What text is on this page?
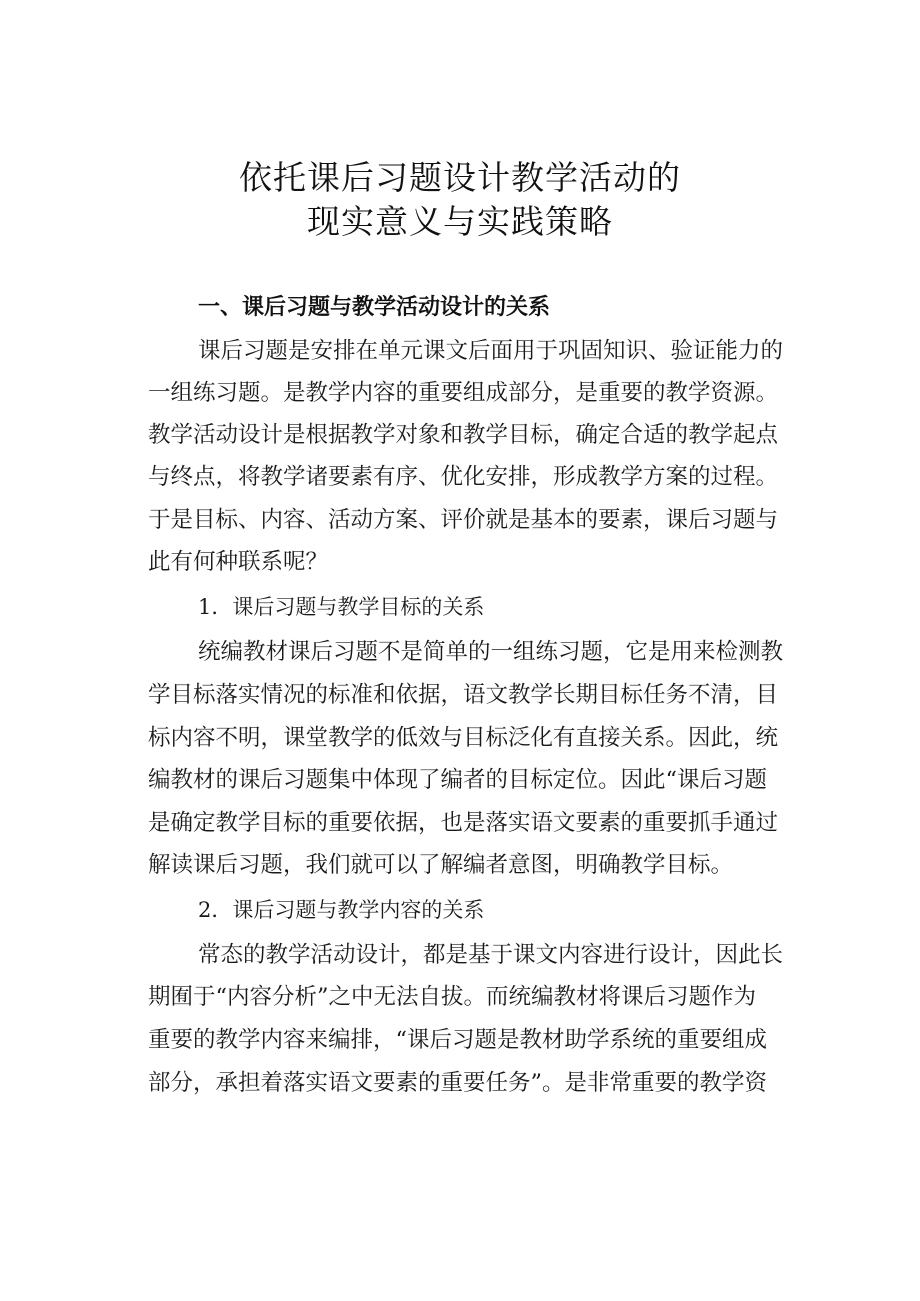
依托课后习题设计教学活动的
现实意义与实践策略
一、课后习题与教学活动设计的关系

课后习题是安排在单元课文后面用于巩固知识、验证能力的

一组练习题。是教学内容的重要组成部分，是重要的教学资源。

教学活动设计是根据教学对象和教学目标，确定合适的教学起点

与终点，将教学诸要素有序、优化安排，形成教学方案的过程。

于是目标、内容、活动方案、评价就是基本的要素，课后习题与

此有何种联系呢？

1．课后习题与教学目标的关系

统编教材课后习题不是简单的一组练习题，它是用来检测教

学目标落实情况的标准和依据，语文教学长期目标任务不清，目

标内容不明，课堂教学的低效与目标泛化有直接关系。因此，统

编教材的课后习题集中体现了编者的目标定位。因此“课后习题

是确定教学目标的重要依据，也是落实语文要素的重要抓手通过

解读课后习题，我们就可以了解编者意图，明确教学目标。

2．课后习题与教学内容的关系

常态的教学活动设计，都是基于课文内容进行设计，因此长

期囿于“内容分析”之中无法自拔。而统编教材将课后习题作为

重要的教学内容来编排，“课后习题是教材助学系统的重要组成

部分，承担着落实语文要素的重要任务”。是非常重要的教学资
